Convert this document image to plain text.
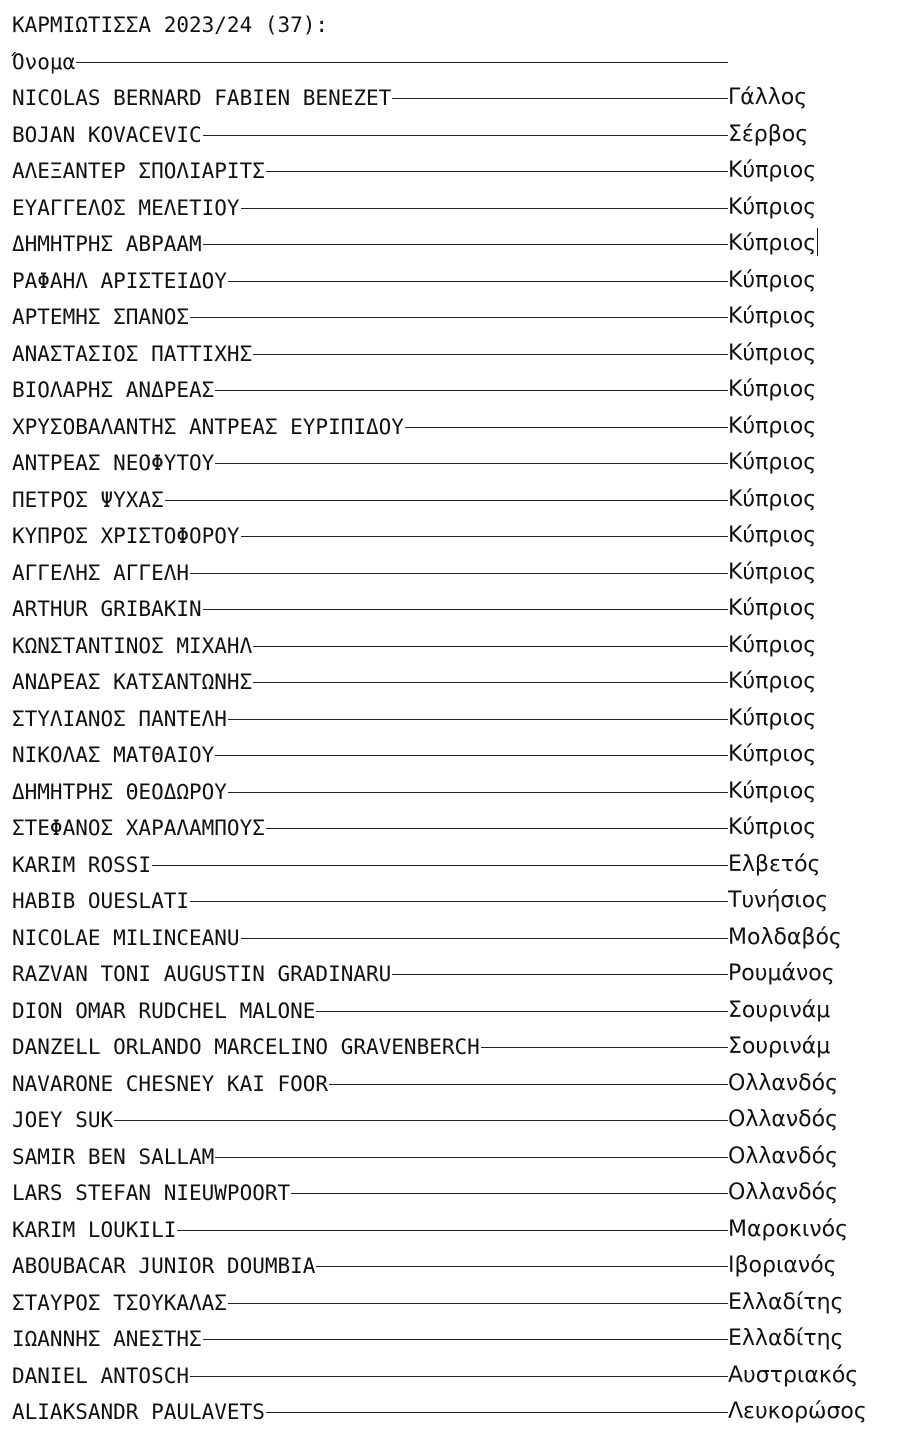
ΚΑΡΜΙΩΤΙΣΣΑ 2023/24 (37):
Όνομα
NICOLAS BERNARD FABIEN BENEZET	Γάλλος
BOJAN KOVACEVIC	Σέρβος
ΑΛΕΞΑΝΤΕΡ ΣΠΟΛΙΑΡΙΤΣ	Κύπριος
ΕΥΑΓΓΕΛΟΣ ΜΕΛΕΤΙΟΥ	Κύπριος
ΔΗΜΗΤΡΗΣ ΑΒΡΑΑΜ	Κύπριος
ΡΑΦΑΗΛ ΑΡΙΣΤΕΙΔΟΥ	Κύπριος
ΑΡΤΕΜΗΣ ΣΠΑΝΟΣ	Κύπριος
ΑΝΑΣΤΑΣΙΟΣ ΠΑΤΤΙΧΗΣ	Κύπριος
ΒΙΟΛΑΡΗΣ ΑΝΔΡΕΑΣ	Κύπριος
ΧΡΥΣΟΒΑΛΑΝΤΗΣ ΑΝΤΡΕΑΣ ΕΥΡΙΠΙΔΟΥ	Κύπριος
ΑΝΤΡΕΑΣ ΝΕΟΦΥΤΟΥ	Κύπριος
ΠΕΤΡΟΣ ΨΥΧΑΣ	Κύπριος
ΚΥΠΡΟΣ ΧΡΙΣΤΟΦΟΡΟΥ	Κύπριος
ΑΓΓΕΛΗΣ ΑΓΓΕΛΗ	Κύπριος
ARTHUR GRIBAKIN	Κύπριος
ΚΩΝΣΤΑΝΤΙΝΟΣ ΜΙΧΑΗΛ	Κύπριος
ΑΝΔΡΕΑΣ ΚΑΤΣΑΝΤΩΝΗΣ	Κύπριος
ΣΤΥΛΙΑΝΟΣ ΠΑΝΤΕΛΗ	Κύπριος
ΝΙΚΟΛΑΣ ΜΑΤΘΑΙΟΥ	Κύπριος
ΔΗΜΗΤΡΗΣ ΘΕΟΔΩΡΟΥ	Κύπριος
ΣΤΕΦΑΝΟΣ ΧΑΡΑΛΑΜΠΟΥΣ	Κύπριος
KARIM ROSSI	Ελβετός
HABIB OUESLATI	Τυνήσιος
NICOLAE MILINCEANU	Μολδαβός
RAZVAN TONI AUGUSTIN GRADINARU	Ρουμάνος
DION OMAR RUDCHEL MALONE	Σουρινάμ
DANZELL ORLANDO MARCELINO GRAVENBERCH	Σουρινάμ
NAVARONE CHESNEY KAI FOOR	Ολλανδός
JOEY SUK	Ολλανδός
SAMIR BEN SALLAM	Ολλανδός
LARS STEFAN NIEUWPOORT	Ολλανδός
KARIM LOUKILI	Μαροκινός
ABOUBACAR JUNIOR DOUMBIA	Ιβοριανός
ΣΤΑΥΡΟΣ ΤΣΟΥΚΑΛΑΣ	Ελλαδίτης
ΙΩΑΝΝΗΣ ΑΝΕΣΤΗΣ	Ελλαδίτης
DANIEL ANTOSCH	Αυστριακός
ALIAKSANDR PAULAVETS	Λευκορώσος
